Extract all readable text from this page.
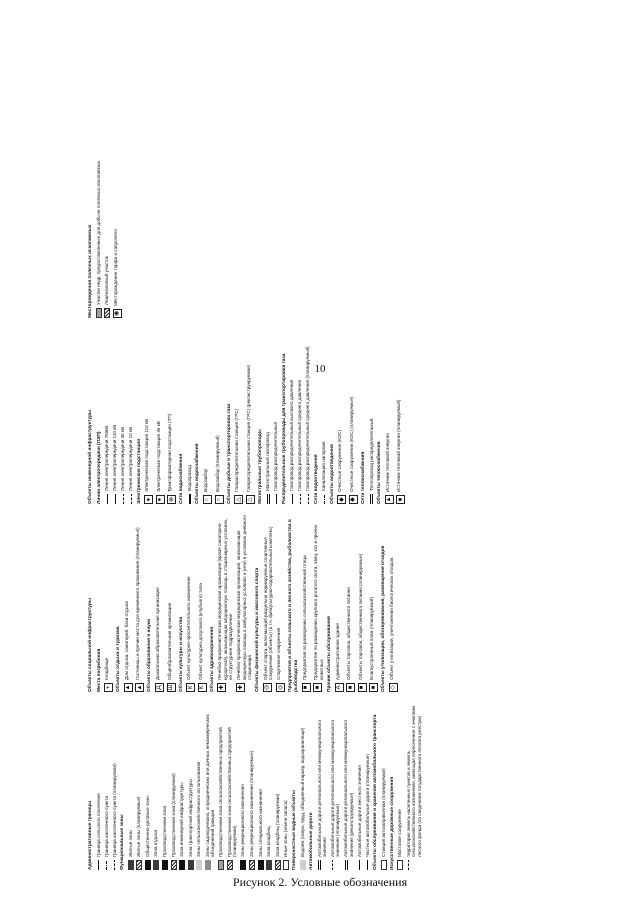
10
Административные границы Граница сельского поселения Граница населенного пункта Граница населенного пункта (планируемая) Функциональные зоны Жилые зоны Жилые зоны (планируемые) Общественно-деловые зоны Зона отдыха Производственная зона Производственная зона (планируемая) Зона инженерной инфраструктуры Зона транспортной инфраструктуры Зоны сельскохозяйственного использования Зоны садоводческих, огороднических или дачных некоммерческих объединений граждан Производственная зона сельскохозяйственных предприятий Производственная зона сельскохозяйственных предприятий (планируемая) Зоны рекреационного назначения Зоны рекреационного назначения (планируемые) Зоны специального назначения Зона кладбищ Зона кладбищ (планируемая) Иные зоны (земли запаса) Поверхностные водные объекты Водоем (озеро, пруд, обводненный карьер, водохранилище) Автомобильные дороги Автомобильные дороги регионального или межмуниципального значения Автомобильные дороги регионального или межмуниципального значения (планируемые) Автомобильные дороги регионального или межмуниципального значения (реконструируемые) Автомобильные дороги местного значения Частные автомобильные дороги (планируемые) Объекты обслуживания и хранения автомобильного транспорта Станция автозаправочная (планируемая) Искусственные дорожные сооружения Мостовое сооружение территория земель населенных пунктов и земель сельскохозяйственного назначения, имеющая пересечение с землями лесного фонда (по сведениям государственного лесного реестра)
Объекты социальной инфраструктуры Места погребения +
Кладбище Объекты отдыха и туризма ▲
Дом отдыха, санаторий, база отдыха
▲
Гостиницы и прочие места для временного проживания (планируемые) Объекты образования и науки Д
Дошкольная образовательная организация
Ш
Общеобразовательная организация Объекты культуры и искусства К
Объект культурно-просветительного назначения
К
Объект культурно-досугового (клубного) типа Объекты здравоохранения ✚
Лечебно-профилактическая медицинская организация (кроме санаторно-курортной), оказывающая медицинскую помощь в стационарных условиях, ее структурное подразделение
✚
Лечебно-профилактическая медицинская организация, оказывающая медицинскую помощь в амбулаторных условиях и (или) в условиях дневного стационара Объекты физической культуры и массового спорта ◎
Объект спорта, включающий раздельно нормируемые спортивные сооружения (объекты) (в т.ч. физкультурно-оздоровительный комплекс)
◎
Спортивное сооружение Предприятия и объекты сельского и лесного хозяйства, рыболовства и рыбоводства ■
Предприятия по разведению сельскохозяйственной птицы
■
Предприятие по разведению крупного рогатого скота, овец, коз и прочих животных Прочие объекты обслуживания А
Административное здание
■
Объекты торговли, общественного питания
■
Объекты торговли, общественного питания (планируемые)
■
Благоустроенный пляж (планируемый) Объекты утилизации, обезвреживания, размещения отходов ◇
Объект утилизации, уничтожения биологических отходов
Объекты инженерной инфраструктуры Линии электропередачи (ЛЭП) Линия электропередачи 750кВ Линия электропередачи 110 кВ Линия электропередачи 35 кВ Линия электропередачи 10 кВ Электрические подстанции ●
Электрическая подстанция 110 кВ
●
Электрическая подстанция 35 кВ
⊗
Трансформаторная подстанция (ТП) Сети водоснабжения Водопровод Объекты водоснабжения ○
Водозабор
○
Водозабор (планируемый) Объекты добычи и транспортировки газа △
Газораспределительная станция (ГРС)
△
Газораспределительная станция (ГРС) (реконструируемая) Магистральные трубопроводы Магистральный газопровод Газопровод распределительный Распределительные трубопроводы для транспортировки газа Газопровод распределительный высокого давления Газопровод распределительный среднего давления Газопровод распределительный среднего давления (планируемый) Сети водоотведения Канализация напорная Объекты водоотведения ◆
Очистные сооружения (КОС)
◆
Очистные сооружения (КОС) (планируемые) Сети теплоснабжения Теплопровод распределительный Объекты теплоснабжения ▲
Источник тепловой энергии
■
Источник тепловой энергии (планируемый)
Месторождения полезных ископаемых Участки недр, предоставленные для добычи полезных ископаемых Лицензионный участок
◉
Месторождения торфа и сапропеля
Рисунок 2. Условные обозначения
